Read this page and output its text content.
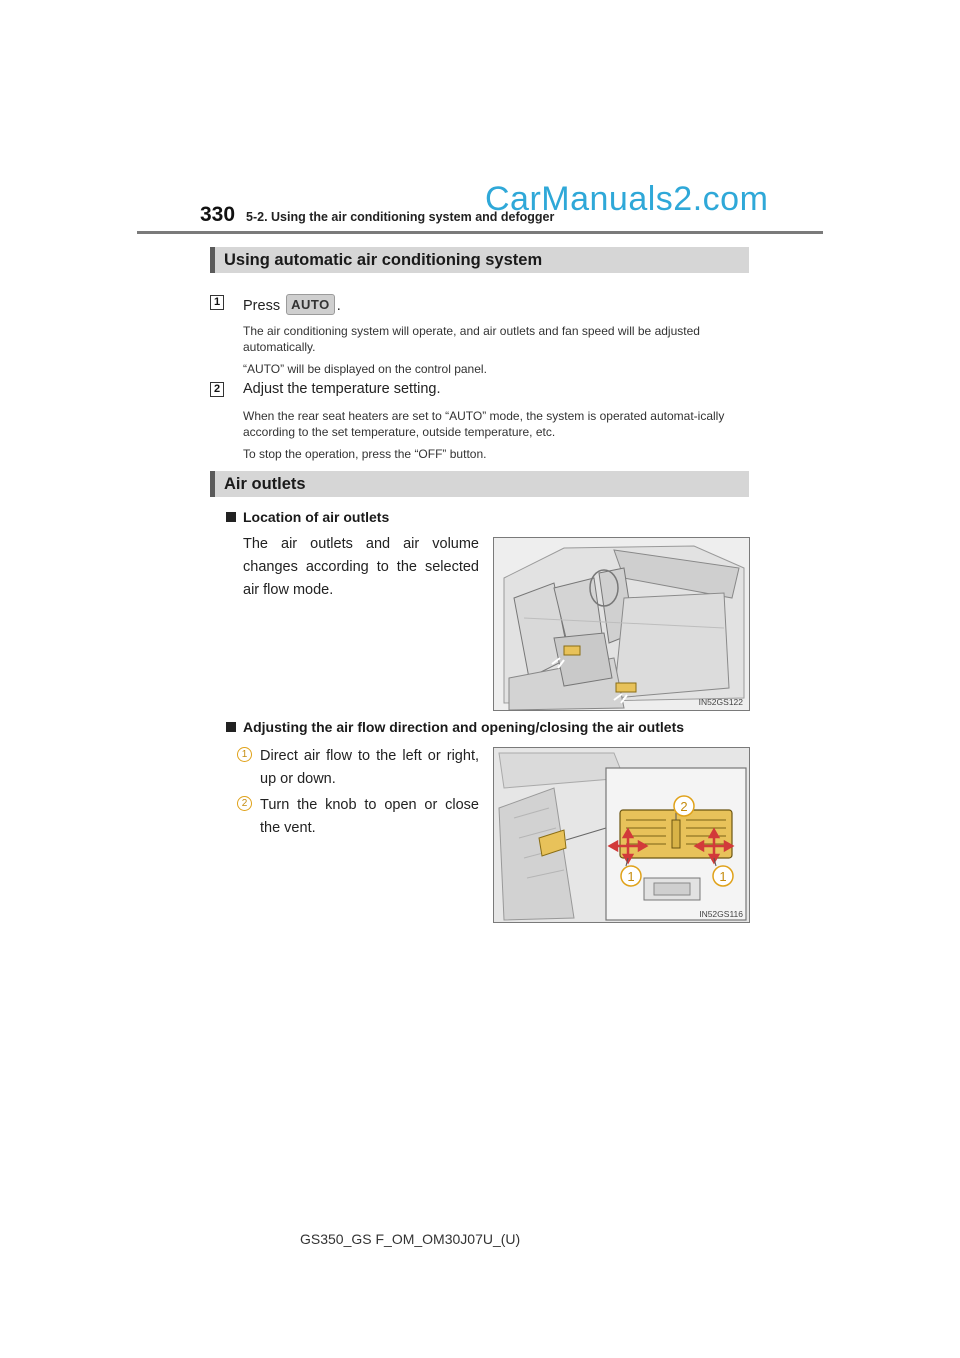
330 5-2. Using the air conditioning system and defogger
CarManuals2.com
Using automatic air conditioning system
1 Press AUTO .
The air conditioning system will operate, and air outlets and fan speed will be adjusted automatically.
“AUTO” will be displayed on the control panel.
2 Adjust the temperature setting.
When the rear seat heaters are set to “AUTO” mode, the system is operated automat-ically according to the set temperature, outside temperature, etc.
To stop the operation, press the “OFF” button.
Air outlets
Location of air outlets
The air outlets and air volume changes according to the selected air flow mode.
IN52GS122
Adjusting the air flow direction and opening/closing the air outlets
1 Direct air flow to the left or right, up or down.
2 Turn the knob to open or close the vent.
2
1	1
IN52GS116
GS350_GS F_OM_OM30J07U_(U)
